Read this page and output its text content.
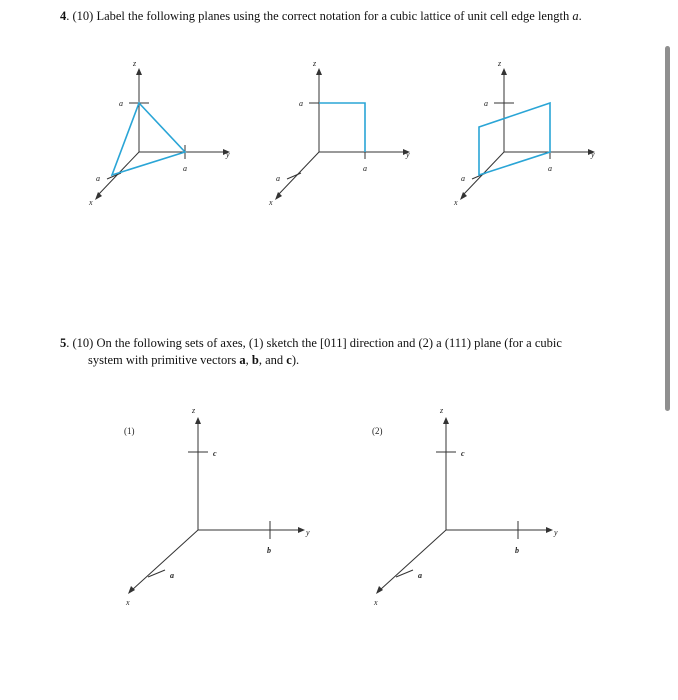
4. (10) Label the following planes using the correct notation for a cubic lattice of unit cell edge length a.
z
a
y
a
a
x
z
a
y
a
a
x
z
a
y
a
a
x
5. (10) On the following sets of axes, (1) sketch the [011] direction and (2) a (111) plane (for a cubic
system with primitive vectors a, b, and c).
(1)
z
c
y
b
a
x
(2)
z
c
y
b
a
x
